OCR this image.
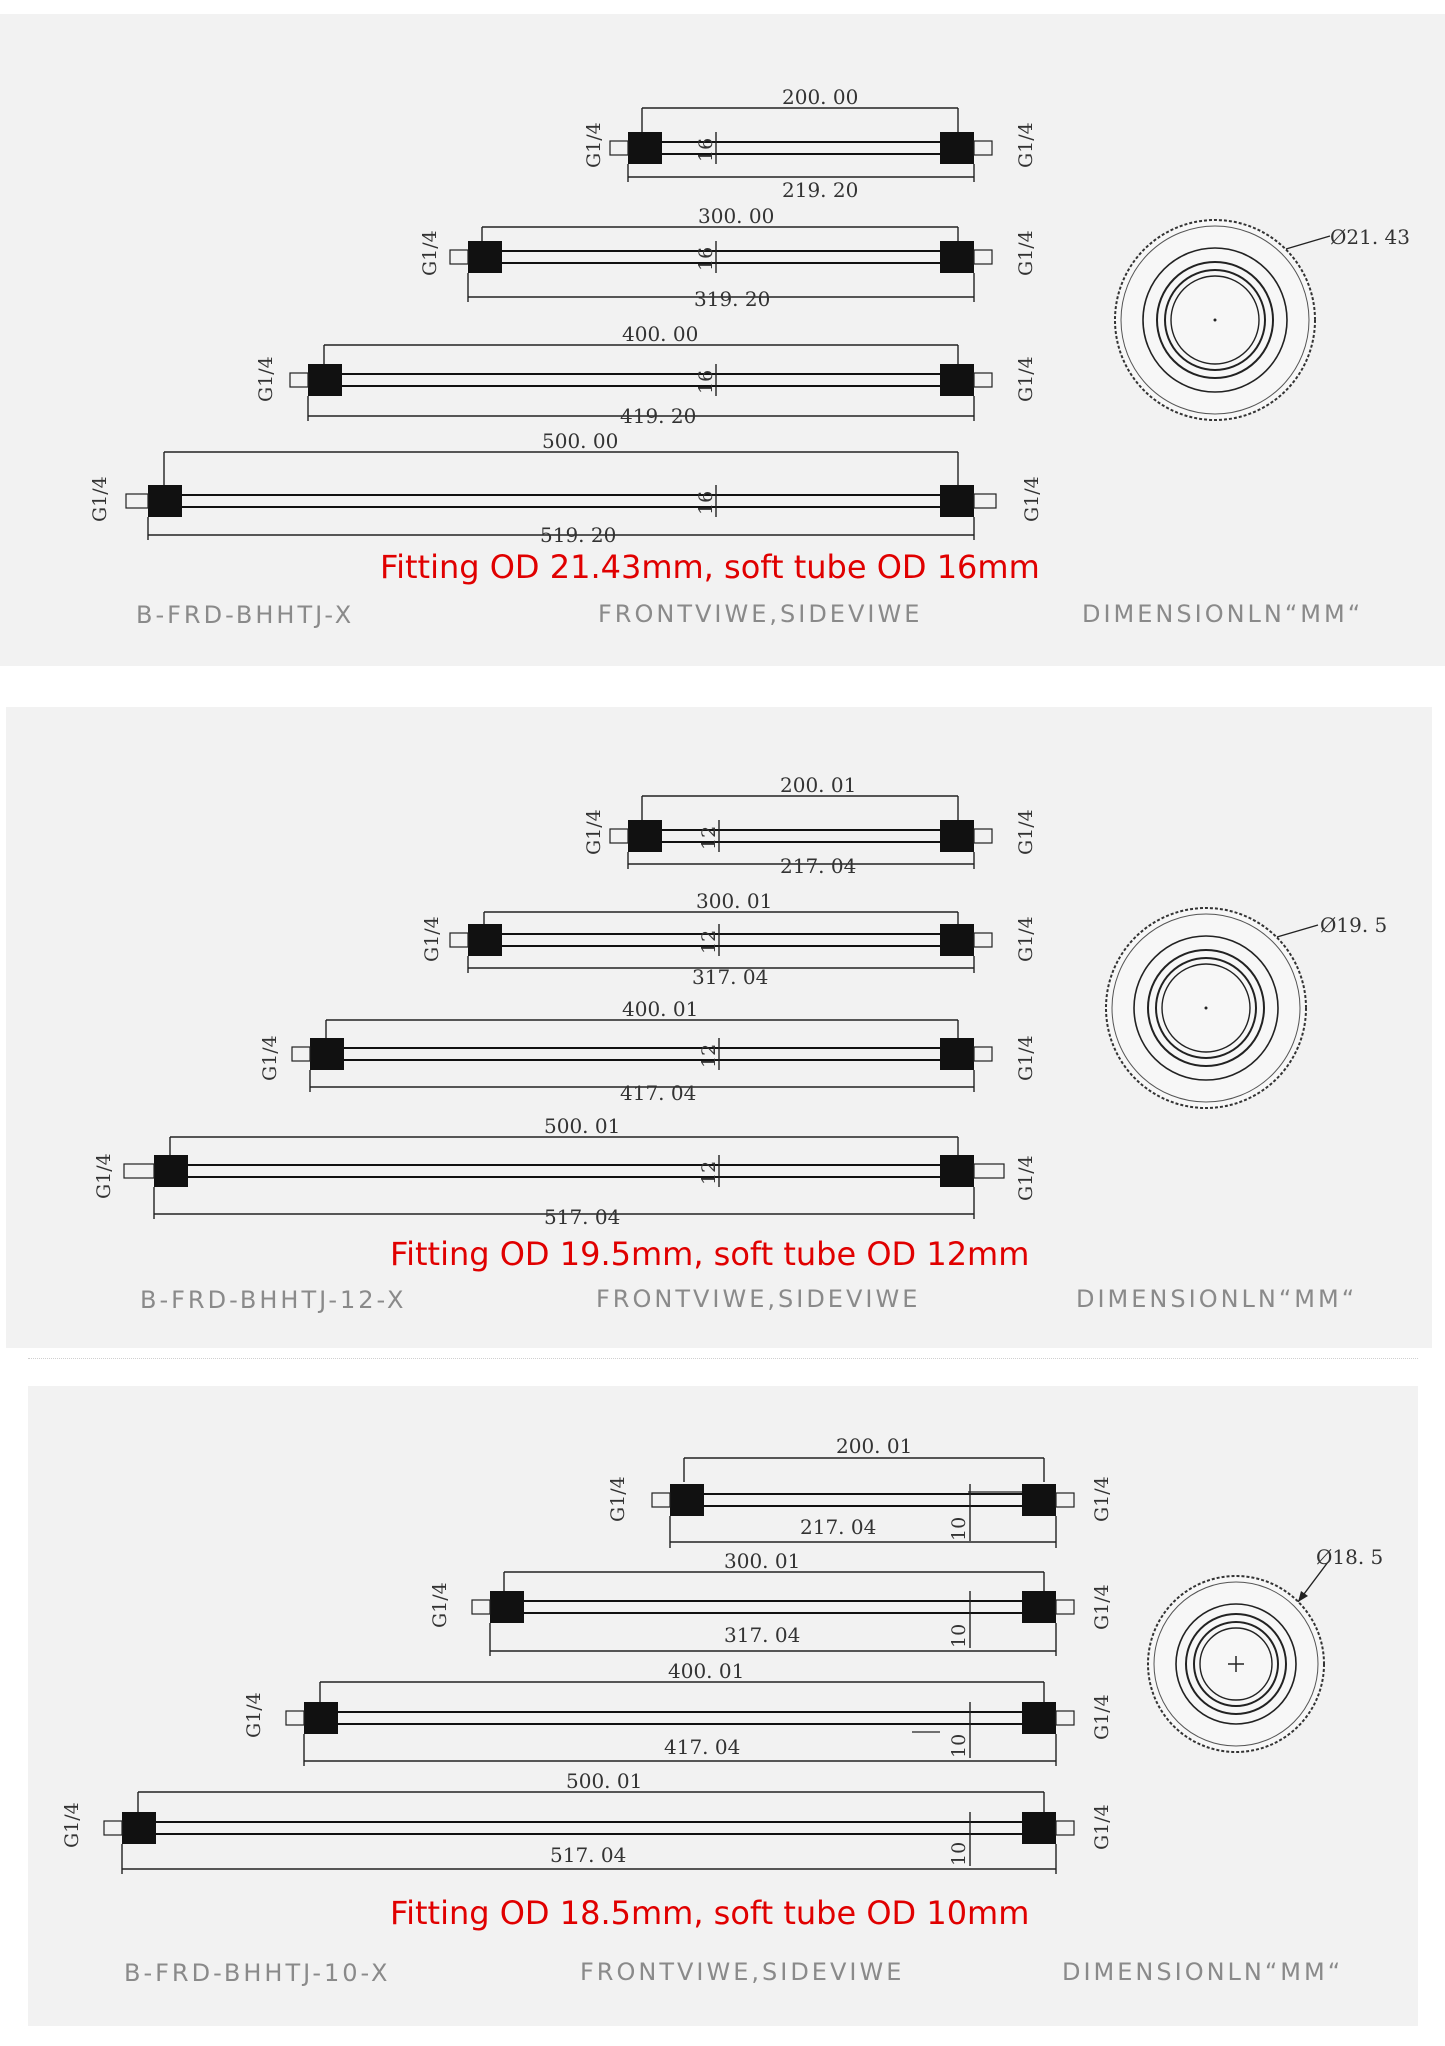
200. 00
16
219. 20
G1/4	G1/4
300. 00
16
319. 20
G1/4	G1/4
400. 00
16
419. 20
G1/4	G1/4
500. 00
16
519. 20
G1/4	G1/4
Ø21. 43
Fitting OD 21.43mm, soft tube OD 16mm
B-FRD-BHHTJ-X	FRONTVIWE,SIDEVIWE	DIMENSIONLN“MM“
200. 01
12
217. 04
G1/4	G1/4
300. 01
12
317. 04
G1/4	G1/4
400. 01
12
417. 04
G1/4	G1/4
500. 01
12
517. 04
G1/4	G1/4
Ø19. 5
Fitting OD 19.5mm, soft tube OD 12mm
B-FRD-BHHTJ-12-X	FRONTVIWE,SIDEVIWE	DIMENSIONLN“MM“
200. 01
10
217. 04
G1/4	G1/4
300. 01
10
317. 04
G1/4	G1/4
400. 01
10
417. 04
G1/4	G1/4
500. 01
10
517. 04
G1/4	G1/4
Ø18. 5
Fitting OD 18.5mm, soft tube OD 10mm
B-FRD-BHHTJ-10-X	FRONTVIWE,SIDEVIWE	DIMENSIONLN“MM“
